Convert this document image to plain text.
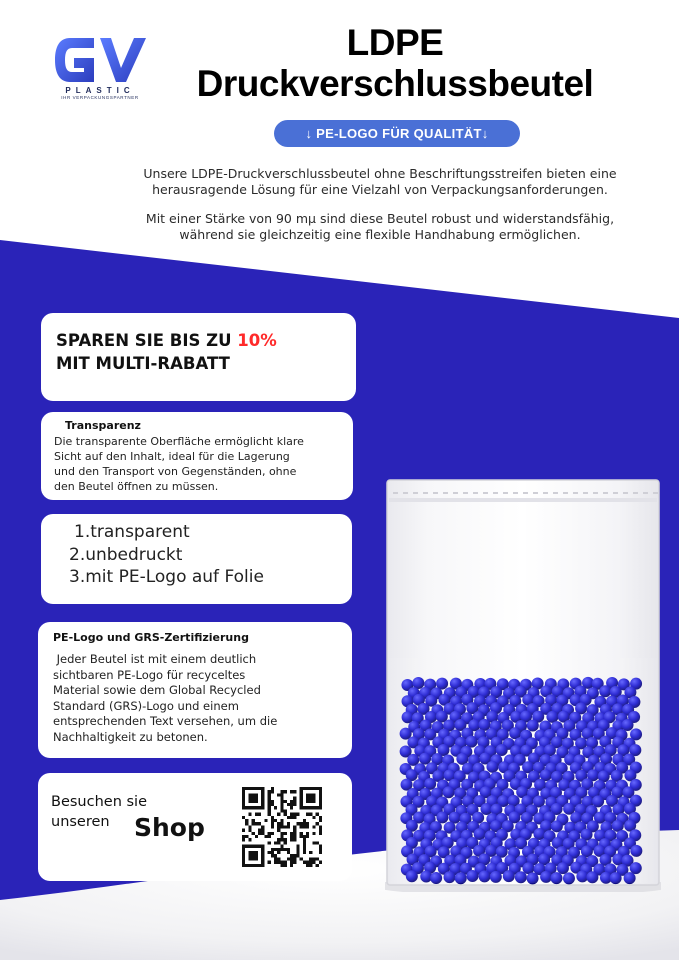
PLASTIC
IHR VERPACKUNGSPARTNER
LDPE
Druckverschlussbeutel
↓ PE-LOGO FÜR QUALITÄT↓

Unsere LDPE-Druckverschlussbeutel ohne Beschriftungsstreifen bieten eine
herausragende Lösung für eine Vielzahl von Verpackungsanforderungen.

Mit einer Stärke von 90 mμ sind diese Beutel robust und widerstandsfähig,
während sie gleichzeitig eine flexible Handhabung ermöglichen.

SPAREN SIE BIS ZU 10%
MIT MULTI-RABATT
Transparenz
Die transparente Oberfläche ermöglicht klare
Sicht auf den Inhalt, ideal für die Lagerung
und den Transport von Gegenständen, ohne
den Beutel öffnen zu müssen.
1.transparent
2.unbedruckt
3.mit PE-Logo auf Folie
PE-Logo und GRS-Zertifizierung
Jeder Beutel ist mit einem deutlich
sichtbaren PE-Logo für recyceltes
Material sowie dem Global Recycled
Standard (GRS)-Logo und einem
entsprechenden Text versehen, um die
Nachhaltigkeit zu betonen.
Besuchen sie
unseren Shop
